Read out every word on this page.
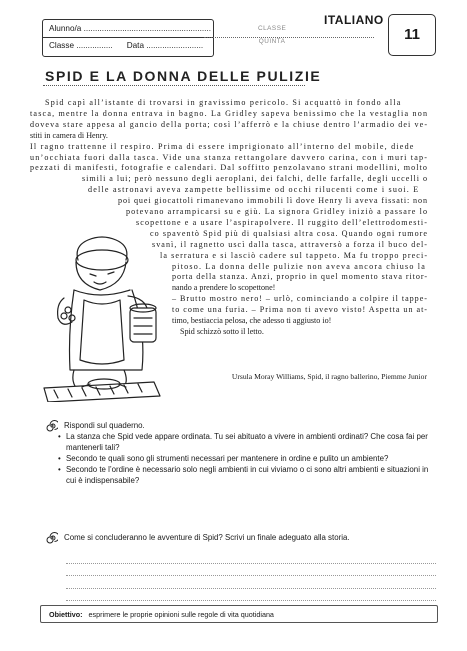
Alunno/a ........................................................
Classe ................ Data .........................
CLASSE
QUINTA
ITALIANO
11
SPID E LA DONNA DELLE PULIZIE
Spid capì all’istante di trovarsi in gravissimo pericolo. Si acquattò in fondo alla
tasca, mentre la donna entrava in bagno. La Gridley sapeva benissimo che la vestaglia non
doveva stare appesa al gancio della porta; così l’afferrò e la chiuse dentro l’armadio dei ve-
stiti in camera di Henry.
Il ragno trattenne il respiro. Prima di essere imprigionato all’interno del mobile, diede
un’occhiata fuori dalla tasca. Vide una stanza rettangolare davvero carina, con i muri tap-
pezzati di manifesti, fotografie e calendari. Dal soffitto penzolavano strani modellini, molto
simili a lui; però nessuno degli aeroplani, dei falchi, delle farfalle, degli uccelli o
delle astronavi aveva zampette bellissime od occhi rilucenti come i suoi. E
poi quei giocattoli rimanevano immobili lì dove Henry li aveva fissati: non
potevano arrampicarsi su e giù. La signora Gridley iniziò a passare lo
scopettone e a usare l’aspirapolvere. Il ruggito dell’elettrodomesti-
co spaventò Spid più di qualsiasi altra cosa. Quando ogni rumore
svanì, il ragnetto uscì dalla tasca, attraversò a forza il buco del-
la serratura e si lasciò cadere sul tappeto. Ma fu troppo preci-
pitoso. La donna delle pulizie non aveva ancora chiuso la
porta della stanza. Anzi, proprio in quel momento stava ritor-
nando a prendere lo scopettone!
– Brutto mostro nero! – urlò, cominciando a colpire il tappe-
to come una furia. – Prima non ti avevo visto! Aspetta un at-
timo, bestiaccia pelosa, che adesso ti aggiusto io!
Spid schizzò sotto il letto.
Ursula Moray Williams, Spid, il ragno ballerino, Piemme Junior
Rispondi sul quaderno.
• La stanza che Spid vede appare ordinata. Tu sei abituato a vivere in ambienti ordinati? Che cosa fai per mantenerli tali?
• Secondo te quali sono gli strumenti necessari per mantenere in ordine e pulito un ambiente?
• Secondo te l’ordine è necessario solo negli ambienti in cui viviamo o ci sono altri ambienti e situazioni in cui è indispensabile?
Come si concluderanno le avventure di Spid? Scrivi un finale adeguato alla storia.
Obiettivo: esprimere le proprie opinioni sulle regole di vita quotidiana
